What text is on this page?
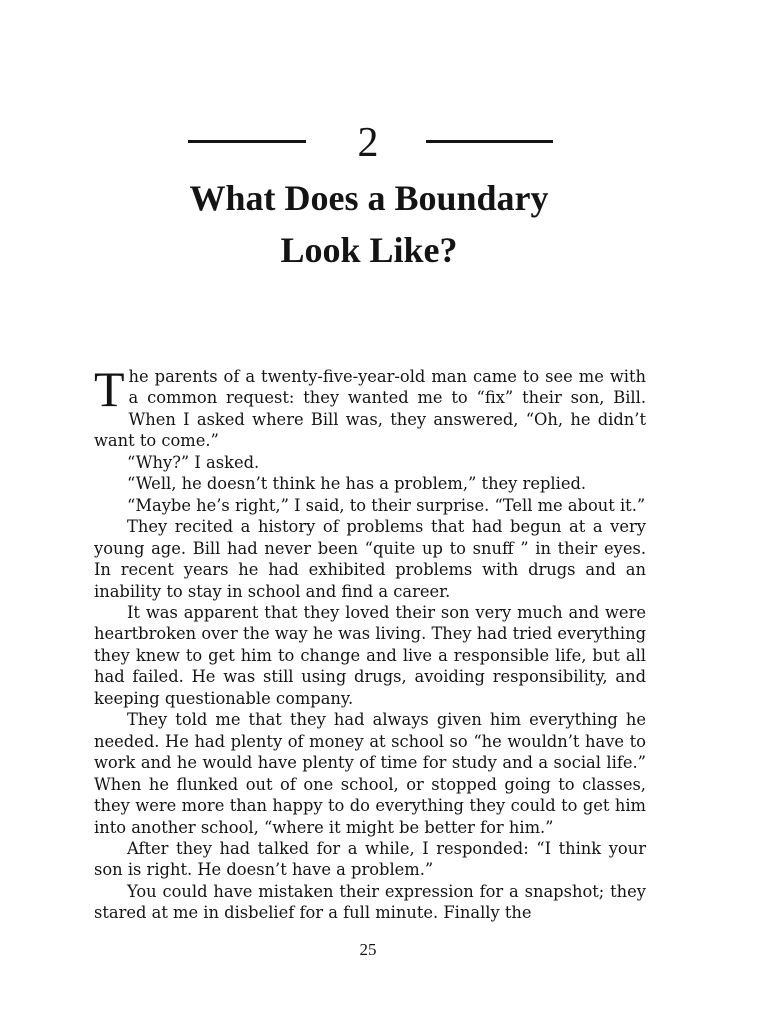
2
What Does a Boundary
Look Like?

The parents of a twenty-five-year-old man came to see me with a common request: they wanted me to “fix” their son, Bill. When I asked where Bill was, they answered, “Oh, he didn’t want to come.”

“Why?” I asked.

“Well, he doesn’t think he has a problem,” they replied.

“Maybe he’s right,” I said, to their surprise. “Tell me about it.”

They recited a history of problems that had begun at a very young age. Bill had never been “quite up to snuff ” in their eyes. In recent years he had exhibited problems with drugs and an inability to stay in school and find a career.

It was apparent that they loved their son very much and were heartbroken over the way he was living. They had tried everything they knew to get him to change and live a responsible life, but all had failed. He was still using drugs, avoiding responsibility, and keeping questionable company.

They told me that they had always given him everything he needed. He had plenty of money at school so “he wouldn’t have to work and he would have plenty of time for study and a social life.” When he flunked out of one school, or stopped going to classes, they were more than happy to do everything they could to get him into another school, “where it might be better for him.”

After they had talked for a while, I responded: “I think your son is right. He doesn’t have a problem.”

You could have mistaken their expression for a snapshot; they stared at me in disbelief for a full minute. Finally the

25
